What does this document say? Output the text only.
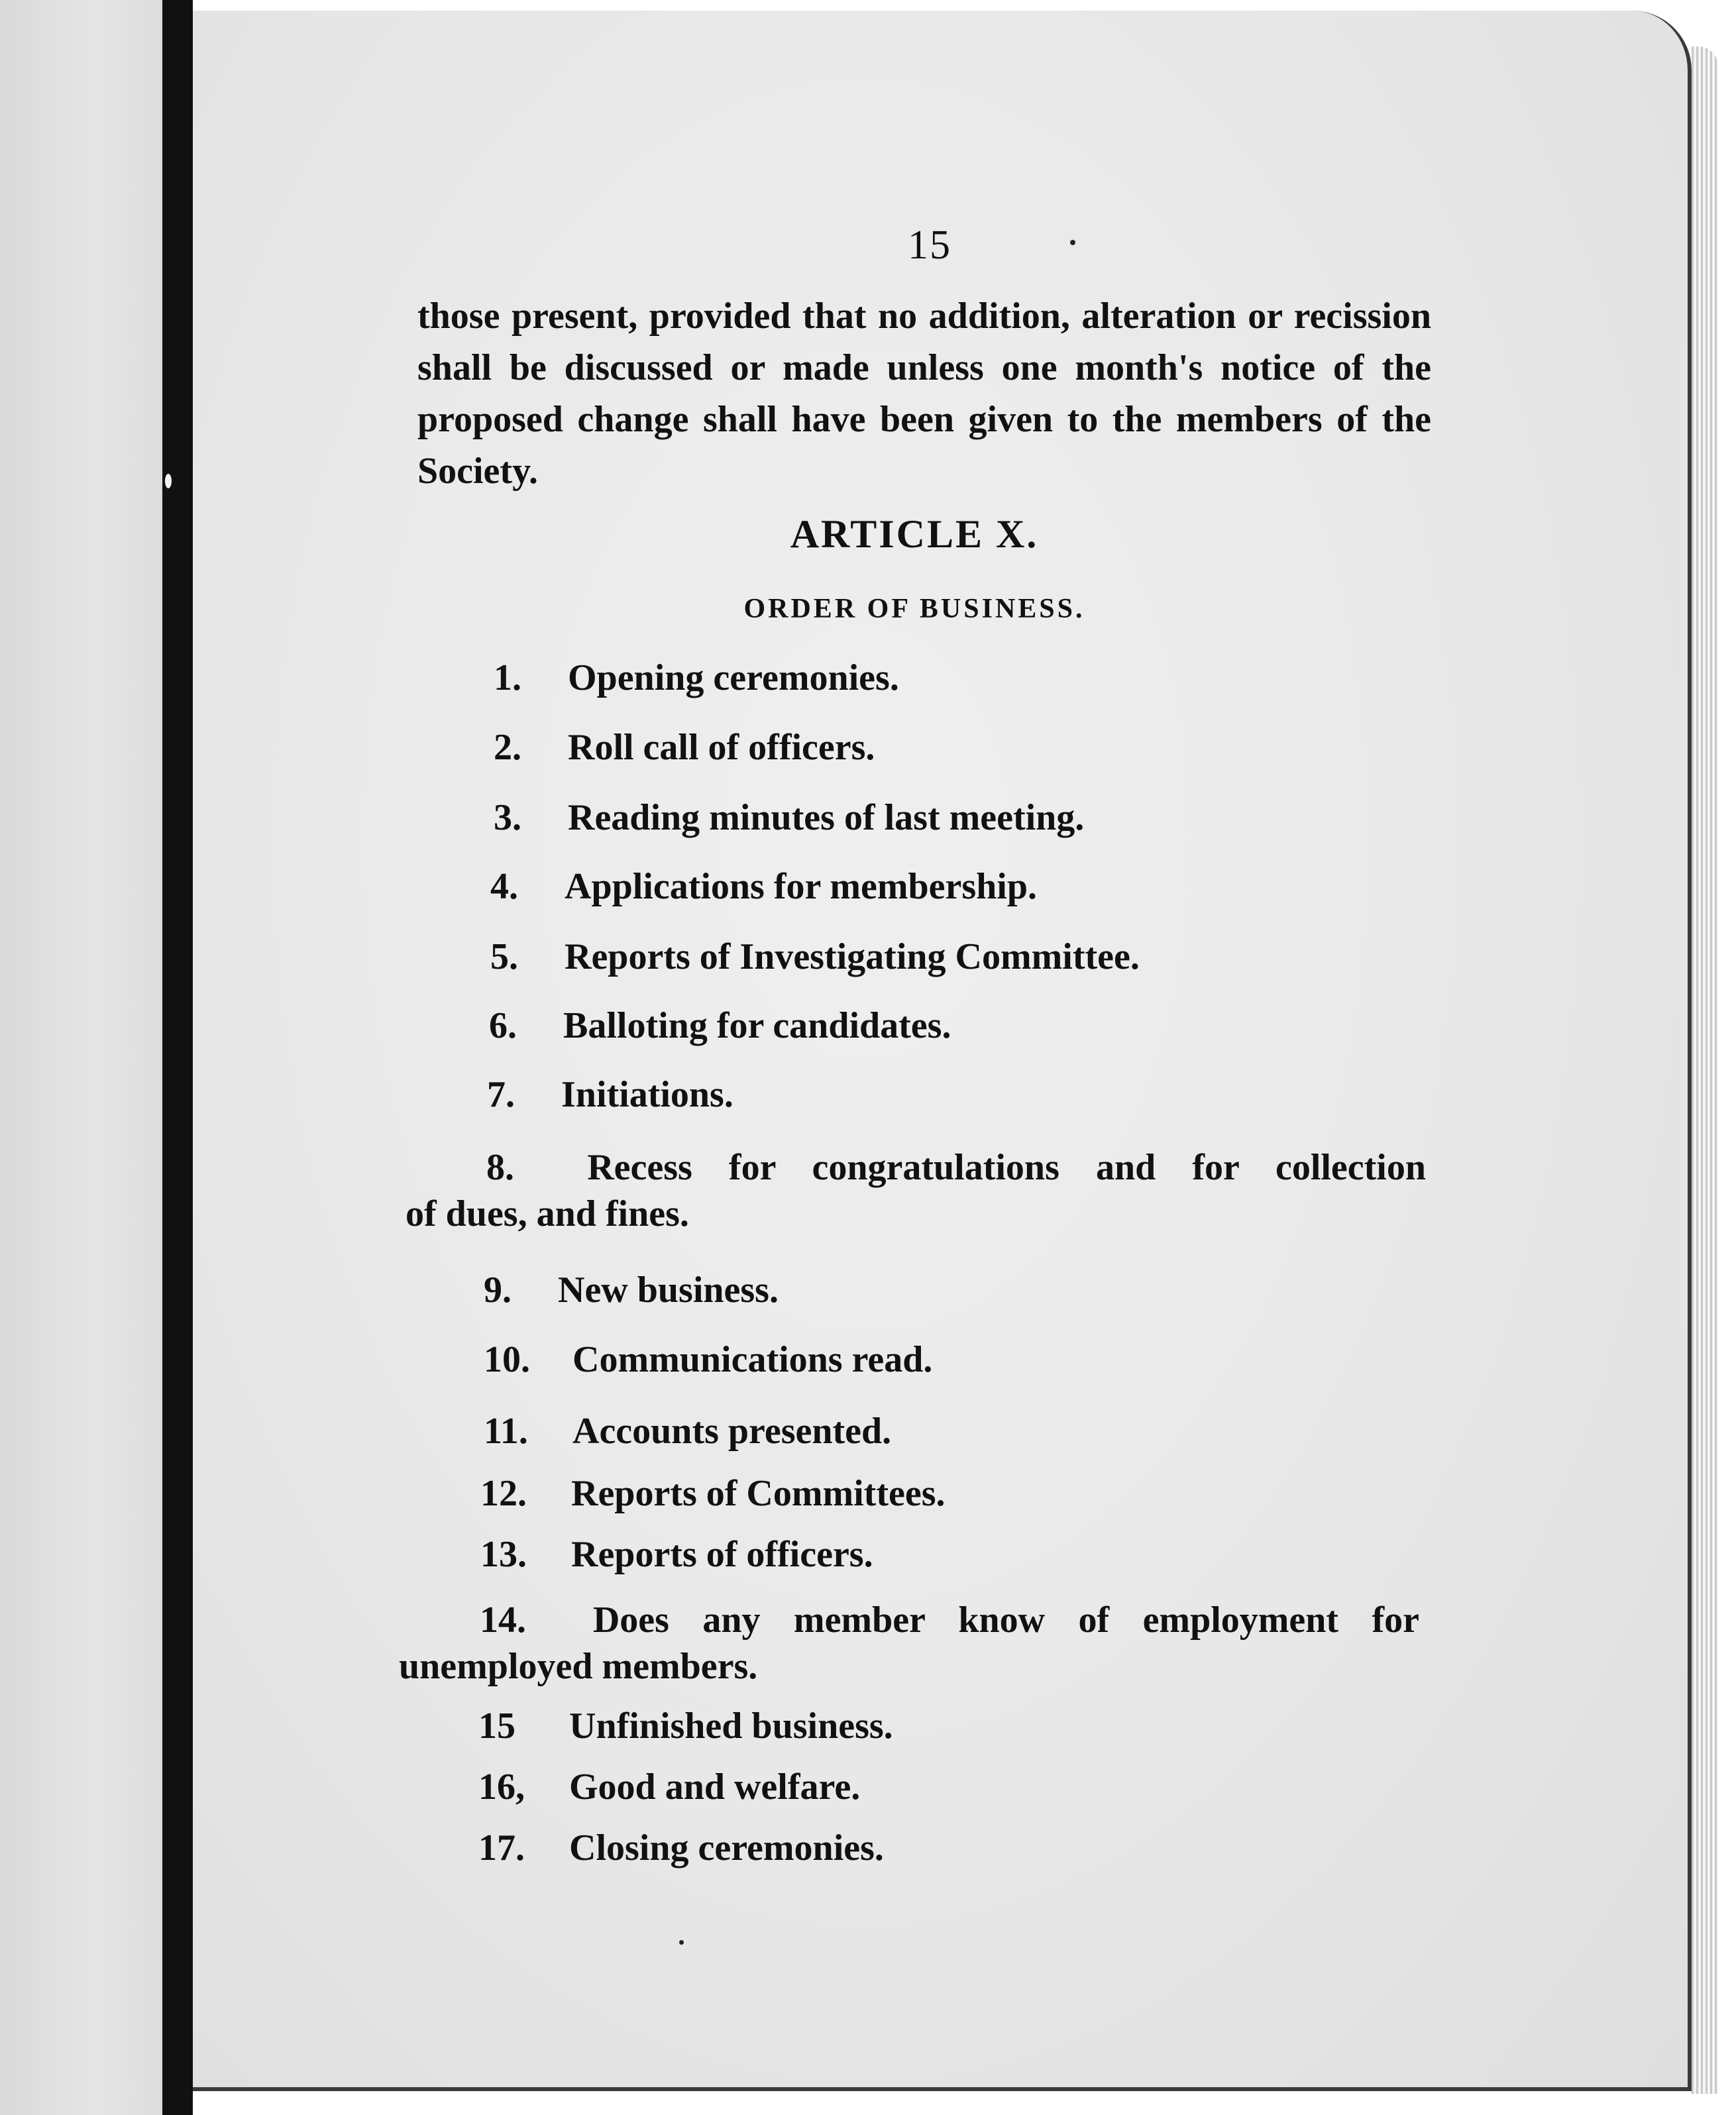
15

those present, provided that no addition, alteration or recission shall be discussed or made unless one month's notice of the proposed change shall have been given to the members of the Society.

ARTICLE X.
ORDER OF BUSINESS.
1. Opening ceremonies.
2. Roll call of officers.
3. Reading minutes of last meeting.
4. Applications for membership.
5. Reports of Investigating Committee.
6. Balloting for candidates.
7. Initiations.
8. Recess for congratulations and for collection
of dues, and fines.
9. New business.
10. Communications read.
11. Accounts presented.
12. Reports of Committees.
13. Reports of officers.
14. Does any member know of employment for
unemployed members.
15 Unfinished business.
16, Good and welfare.
17. Closing ceremonies.
